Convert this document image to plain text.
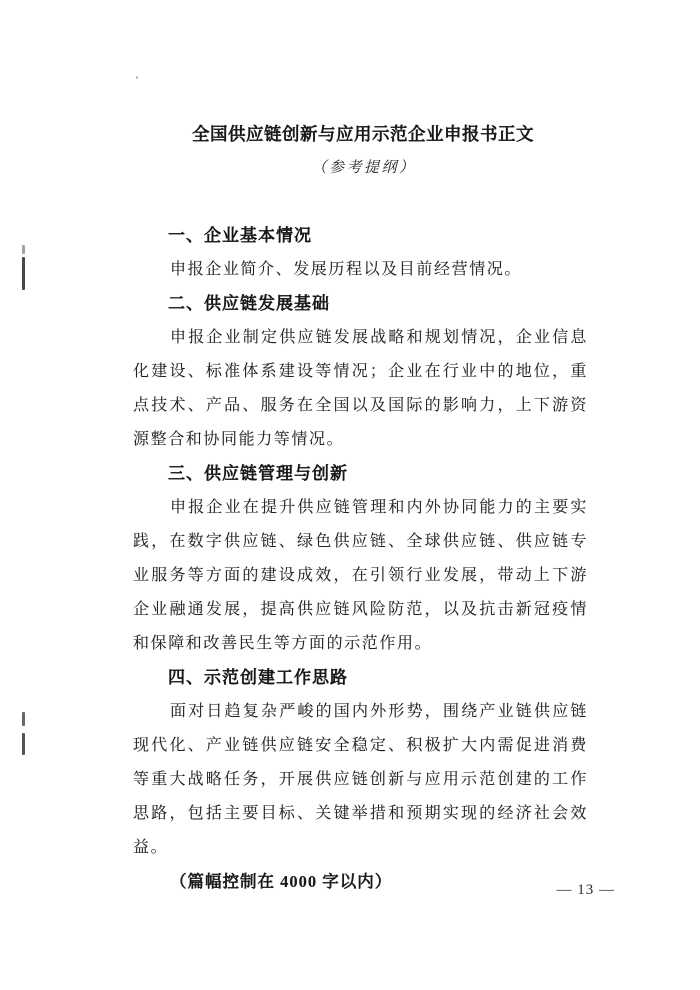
全国供应链创新与应用示范企业申报书正文
（参考提纲）
一、企业基本情况
申报企业简介、发展历程以及目前经营情况。
二、供应链发展基础
申报企业制定供应链发展战略和规划情况，企业信息化建设、标准体系建设等情况；企业在行业中的地位，重点技术、产品、服务在全国以及国际的影响力，上下游资源整合和协同能力等情况。
三、供应链管理与创新
申报企业在提升供应链管理和内外协同能力的主要实践，在数字供应链、绿色供应链、全球供应链、供应链专业服务等方面的建设成效，在引领行业发展，带动上下游企业融通发展，提高供应链风险防范，以及抗击新冠疫情和保障和改善民生等方面的示范作用。
四、示范创建工作思路
面对日趋复杂严峻的国内外形势，围绕产业链供应链现代化、产业链供应链安全稳定、积极扩大内需促进消费等重大战略任务，开展供应链创新与应用示范创建的工作思路，包括主要目标、关键举措和预期实现的经济社会效益。
（篇幅控制在 4000 字以内）	— 13 —
